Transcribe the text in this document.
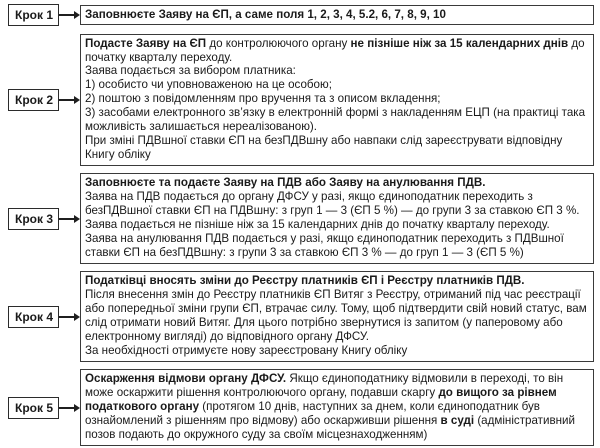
Крок 1	Заповнюєте Заяву на ЄП, а саме поля 1, 2, 3, 4, 5.2, 6, 7, 8, 9, 10

Крок 2

Подасте Заяву на ЄП до контролюючого органу не пізніше ніж за 15 календарних днів до початку кварталу переходу.

Заява подається за вибором платника:

1) особисто чи уповноваженою на це особою;

2) поштою з повідомленням про вручення та з описом вкладення;

3) засобами електронного зв’язку в електронній формі з накладенням ЕЦП (на практиці така можливість залишається нереалізованою).

При зміні ПДВшної ставки ЄП на безПДВшну або навпаки слід зареєструвати відповідну Книгу обліку

Крок 3

Заповнюєте та подаєте Заяву на ПДВ або Заяву на анулювання ПДВ.

Заява на ПДВ подається до органу ДФСУ у разі, якщо єдиноподатник переходить з безПДВшної ставки ЄП на ПДВшну: з груп 1 — 3 (ЄП 5 %) — до групи 3 за ставкою ЄП 3 %.

Заява подається не пізніше ніж за 15 календарних днів до початку кварталу переходу.

Заява на анулювання ПДВ подається у разі, якщо єдиноподатник переходить з ПДВшної ставки ЄП на безПДВшну: з групи 3 за ставкою ЄП 3 % — до груп 1 — 3 (ЄП 5 %)

Крок 4

Податківці вносять зміни до Реєстру платників ЄП і Реєстру платників ПДВ.

Після внесення змін до Реєстру платників ЄП Витяг з Реєстру, отриманий під час реєстрації або попередньої зміни групи ЄП, втрачає силу. Тому, щоб підтвердити свій новий статус, вам слід отримати новий Витяг. Для цього потрібно звернутися із запитом (у паперовому або електронному вигляді) до відповідного органу ДФСУ.

За необхідності отримуєте нову зареєстровану Книгу обліку

Крок 5

Оскарження відмови органу ДФСУ. Якщо єдиноподатнику відмовили в переході, то він може оскаржити рішення контролюючого органу, подавши скаргу до вищого за рівнем податкового органу (протягом 10 днів, наступних за днем, коли єдиноподатник був ознайомлений з рішенням про відмову) або оскарживши рішення в суді (адміністративний позов подають до окружного суду за своїм місцезнаходженням)
